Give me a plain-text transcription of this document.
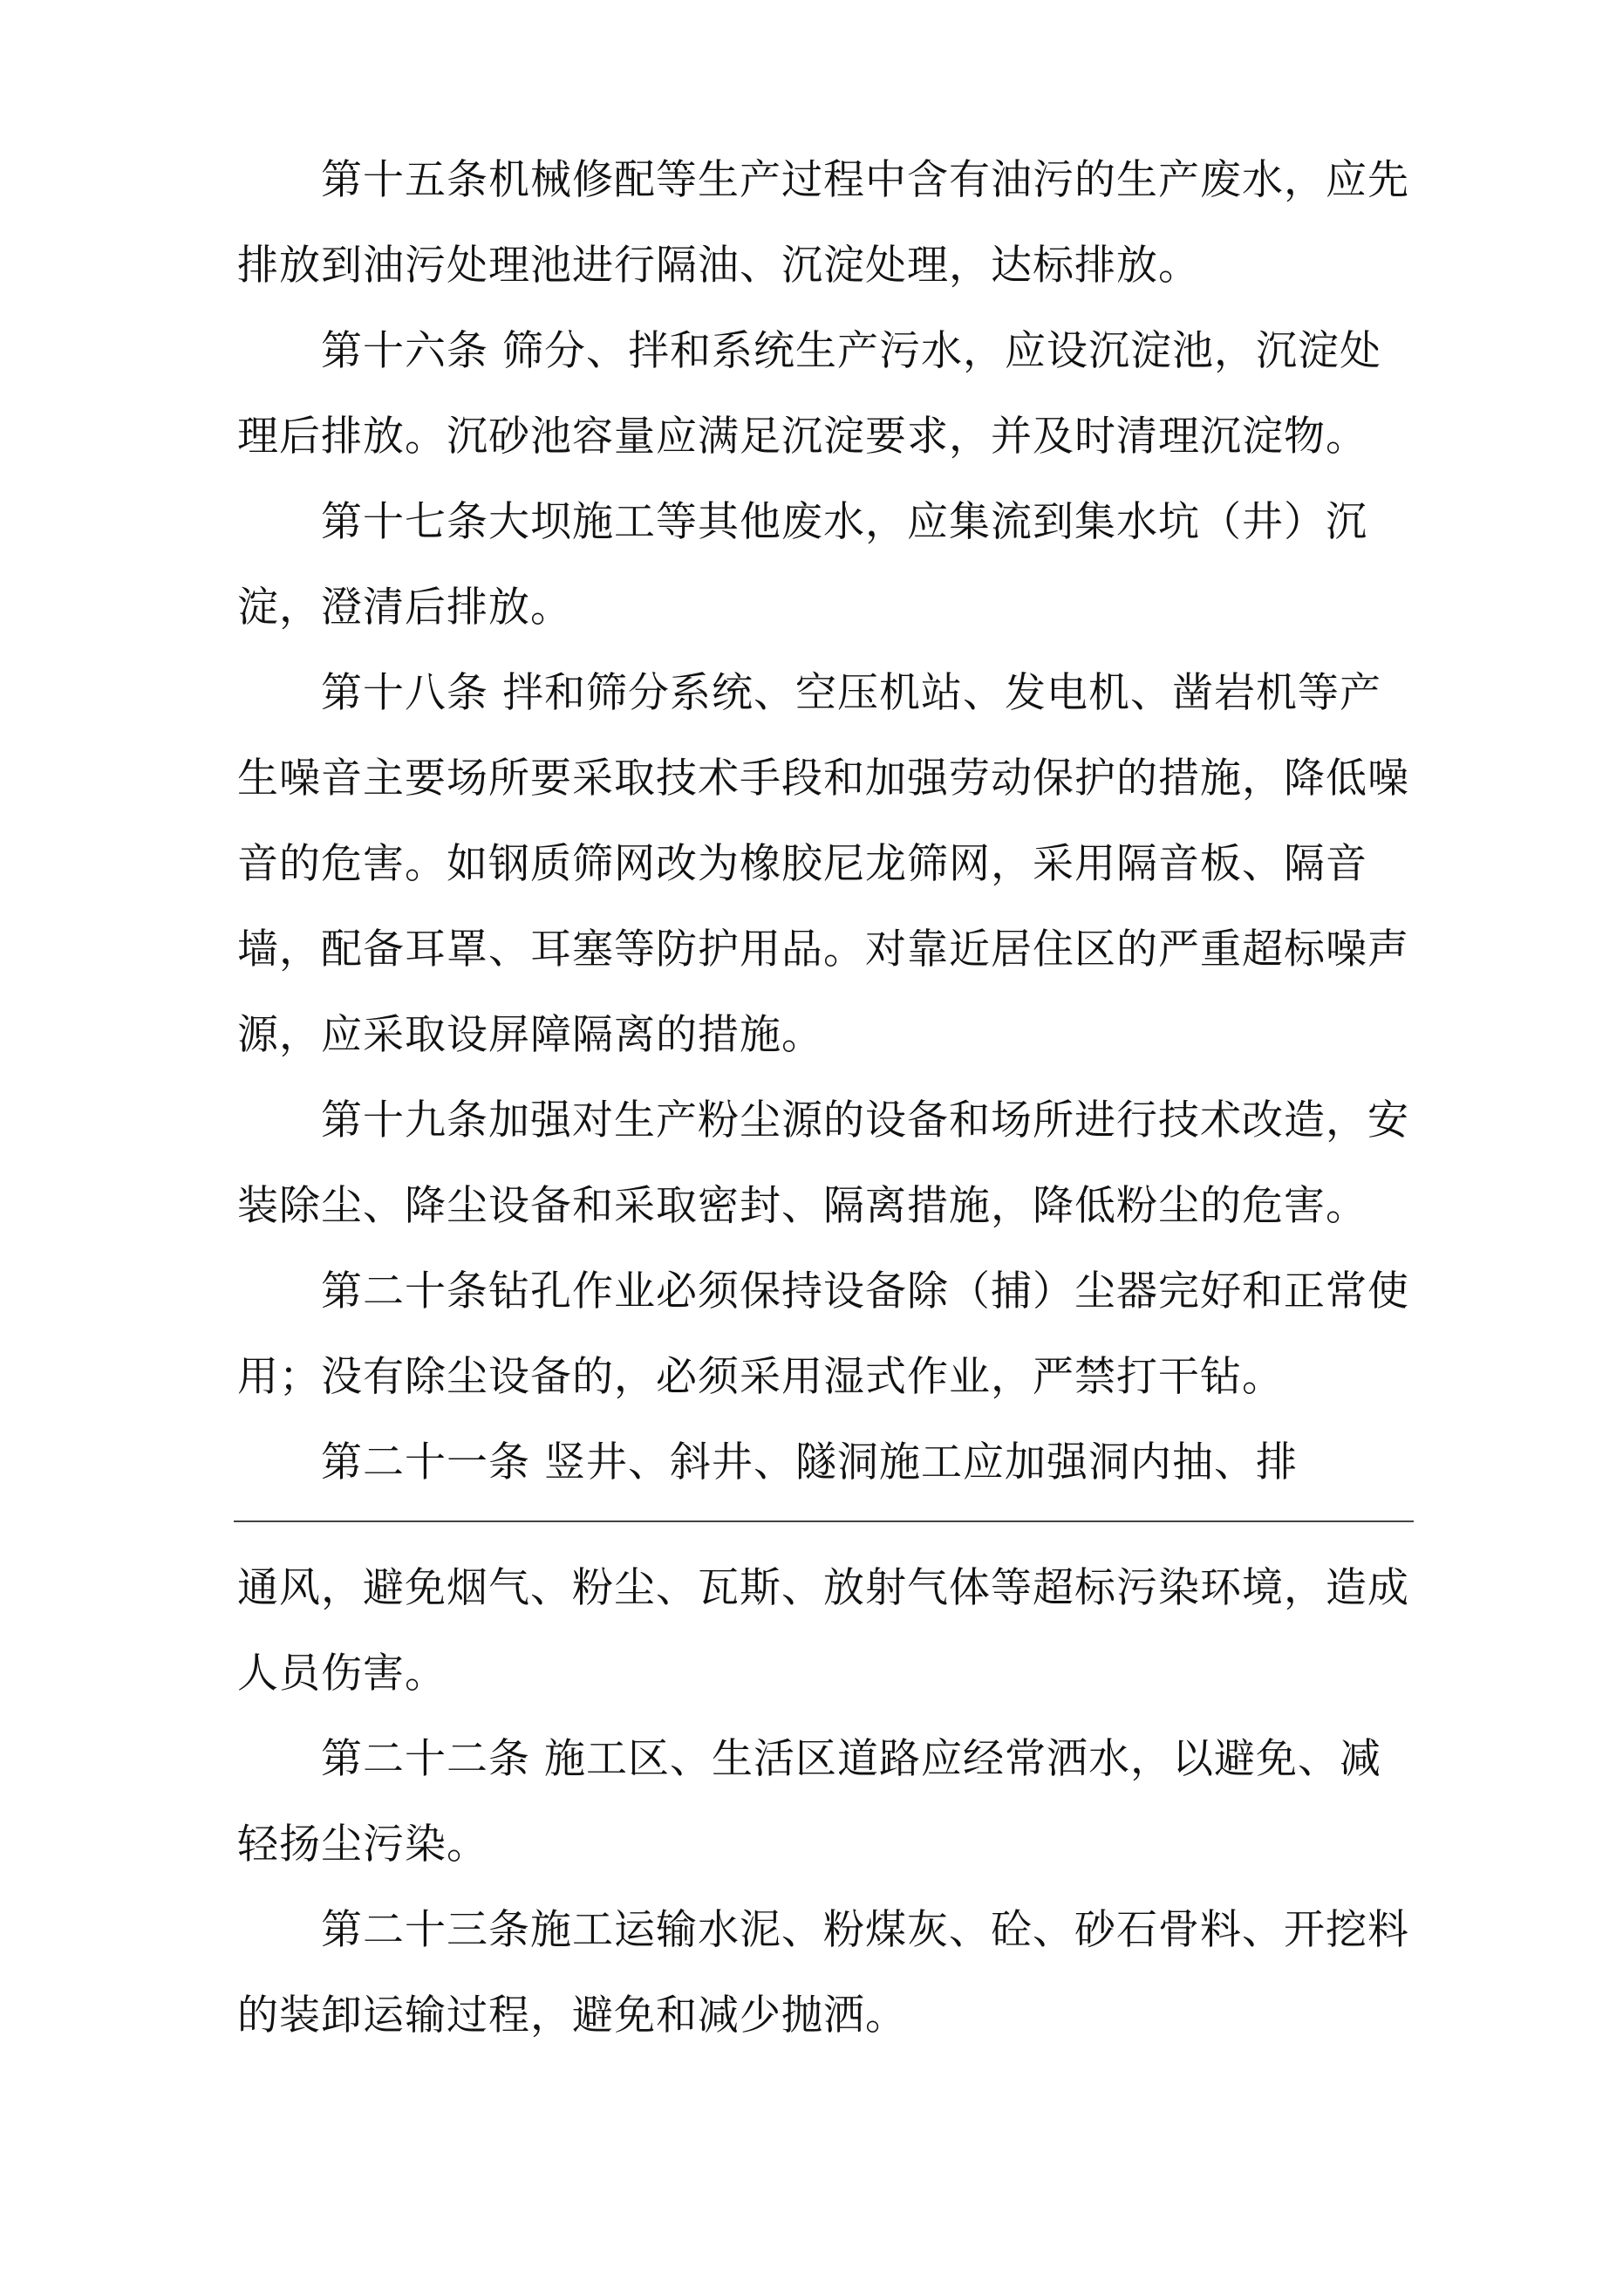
第十五条机械修配等生产过程中含有油污的生产废水，应先排放到油污处理池进行隔油、沉淀处理，达标排放。

第十六条 筛分、拌和系统生产污水，应设沉淀池，沉淀处理后排放。沉砂池容量应满足沉淀要求，并及时清理沉淀物。

第十七条大坝施工等其他废水，应集流到集水坑（井）沉淀，澄清后排放。

第十八条 拌和筛分系统、空压机站、发电机、凿岩机等产生噪音主要场所要采取技术手段和加强劳动保护的措施，降低噪音的危害。如钢质筛网改为橡胶尼龙筛网，采用隔音板、隔音墙，配备耳罩、耳塞等防护用品。对靠近居住区的严重超标噪声源，应采取设屏障隔离的措施。

第十九条加强对生产粉尘源的设备和场所进行技术改造，安装除尘、降尘设备和采取密封、隔离措施，降低粉尘的危害。

第二十条钻孔作业必须保持设备除（捕）尘器完好和正常使用；没有除尘设备的，必须采用湿式作业，严禁打干钻。

第二十一条 竖井、斜井、隧洞施工应加强洞内抽、排

通风，避免烟气、粉尘、瓦斯、放射气体等超标污染环境，造成人员伤害。

第二十二条 施工区、生活区道路应经常洒水，以避免、减轻扬尘污染。

第二十三条施工运输水泥、粉煤灰、砼、砂石骨料、开挖料的装卸运输过程，避免和减少抛洒。
